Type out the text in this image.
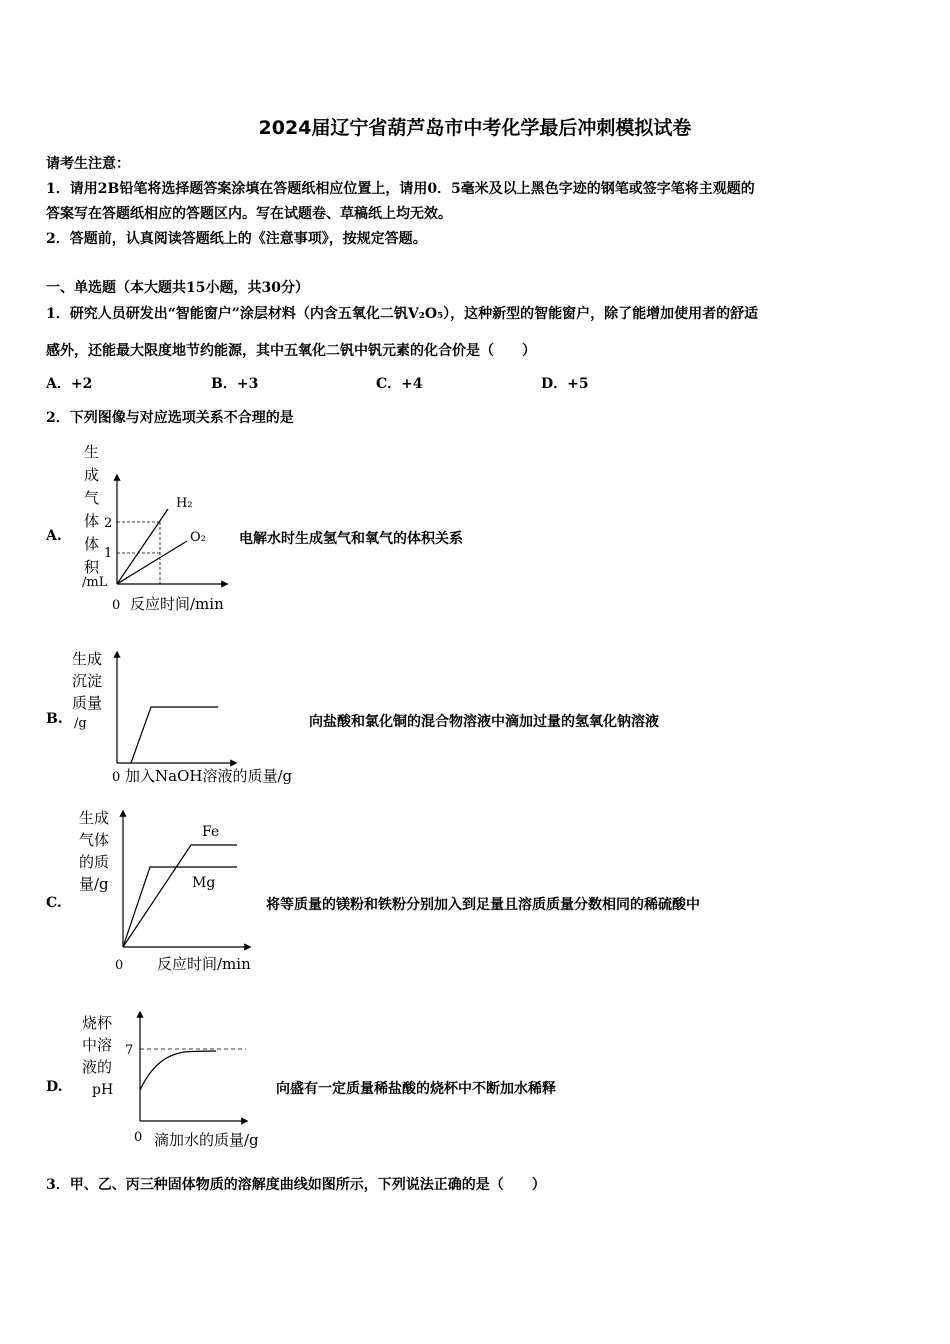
2024届辽宁省葫芦岛市中考化学最后冲刺模拟试卷
请考生注意：
1．请用2B铅笔将选择题答案涂填在答题纸相应位置上，请用0．5毫米及以上黑色字迹的钢笔或签字笔将主观题的
答案写在答题纸相应的答题区内。写在试题卷、草稿纸上均无效。
2．答题前，认真阅读答题纸上的《注意事项》，按规定答题。
一、单选题（本大题共15小题，共30分）
1．研究人员研发出“智能窗户”涂层材料（内含五氧化二钒V₂O₅），这种新型的智能窗户，除了能增加使用者的舒适
感外，还能最大限度地节约能源，其中五氧化二钒中钒元素的化合价是（　　）
A．+2	B．+3	C．+4	D．+5
2．下列图像与对应选项关系不合理的是
A.
生
成
气
体
体
积
/mL
2
1
H₂
O₂
0 反应时间/min
生成
沉淀
质量
/g
0 加入NaOH溶液的质量/g
生成
气体
的质
量/g
Fe
Mg
0 反应时间/min
烧杯
中溶
液的
pH
7
0 滴加水的质量/g
电解水时生成氢气和氧气的体积关系
B.	向盐酸和氯化铜的混合物溶液中滴加过量的氢氧化钠溶液
C.	将等质量的镁粉和铁粉分别加入到足量且溶质质量分数相同的稀硫酸中
D.	向盛有一定质量稀盐酸的烧杯中不断加水稀释
3．甲、乙、丙三种固体物质的溶解度曲线如图所示，下列说法正确的是（　　）
